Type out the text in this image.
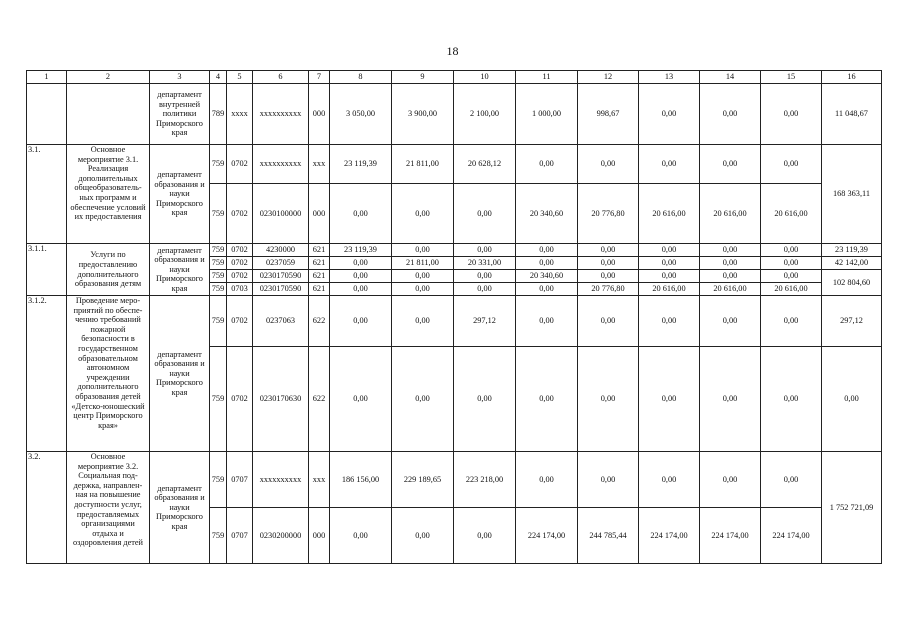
18
1	2	3	4	5	6	7	8	9	10	11	12	13	14	15	16
		департамент внутренней политики Приморского края	789	хххх	хххххххххх	000	3 050,00	3 900,00	2 100,00	1 000,00	998,67	0,00	0,00	0,00	11 048,67
3.1.	Основное мероприятие 3.1. Реализация дополнительных общеобразователь-ных программ и обеспечение условий их предоставления	департамент образования и науки Приморского края	759	0702	хххххххххх	ххх	23 119,39	21 811,00	20 628,12	0,00	0,00	0,00	0,00	0,00	168 363,11
			759	0702	0230100000	000	0,00	0,00	0,00	20 340,60	20 776,80	20 616,00	20 616,00	20 616,00	
3.1.1.	Услуги по предоставлению дополнительного образования детям	департамент образования и науки Приморского края	759	0702	4230000	621	23 119,39	0,00	0,00	0,00	0,00	0,00	0,00	0,00	23 119,39
			759	0702	0237059	621	0,00	21 811,00	20 331,00	0,00	0,00	0,00	0,00	0,00	42 142,00
			759	0702	0230170590	621	0,00	0,00	0,00	20 340,60	0,00	0,00	0,00	0,00	102 804,60
			759	0703	0230170590	621	0,00	0,00	0,00	0,00	20 776,80	20 616,00	20 616,00	20 616,00	
3.1.2.	Проведение меро-приятий по обеспе-чению требований пожарной безопасности в государственном образовательном автономном учреждении дополнительного образования детей «Детско-юношеский центр Приморского края»	департамент образования и науки Приморского края	759	0702	0237063	622	0,00	0,00	297,12	0,00	0,00	0,00	0,00	0,00	297,12
			759	0702	0230170630	622	0,00	0,00	0,00	0,00	0,00	0,00	0,00	0,00	0,00
3.2.	Основное мероприятие 3.2. Социальная под-держка, направлен-ная на повышение доступности услуг, предоставляемых организациями отдыха и оздоровления детей	департамент образования и науки Приморского края	759	0707	хххххххххх	ххх	186 156,00	229 189,65	223 218,00	0,00	0,00	0,00	0,00	0,00	1 752 721,09
			759	0707	0230200000	000	0,00	0,00	0,00	224 174,00	244 785,44	224 174,00	224 174,00	224 174,00	
